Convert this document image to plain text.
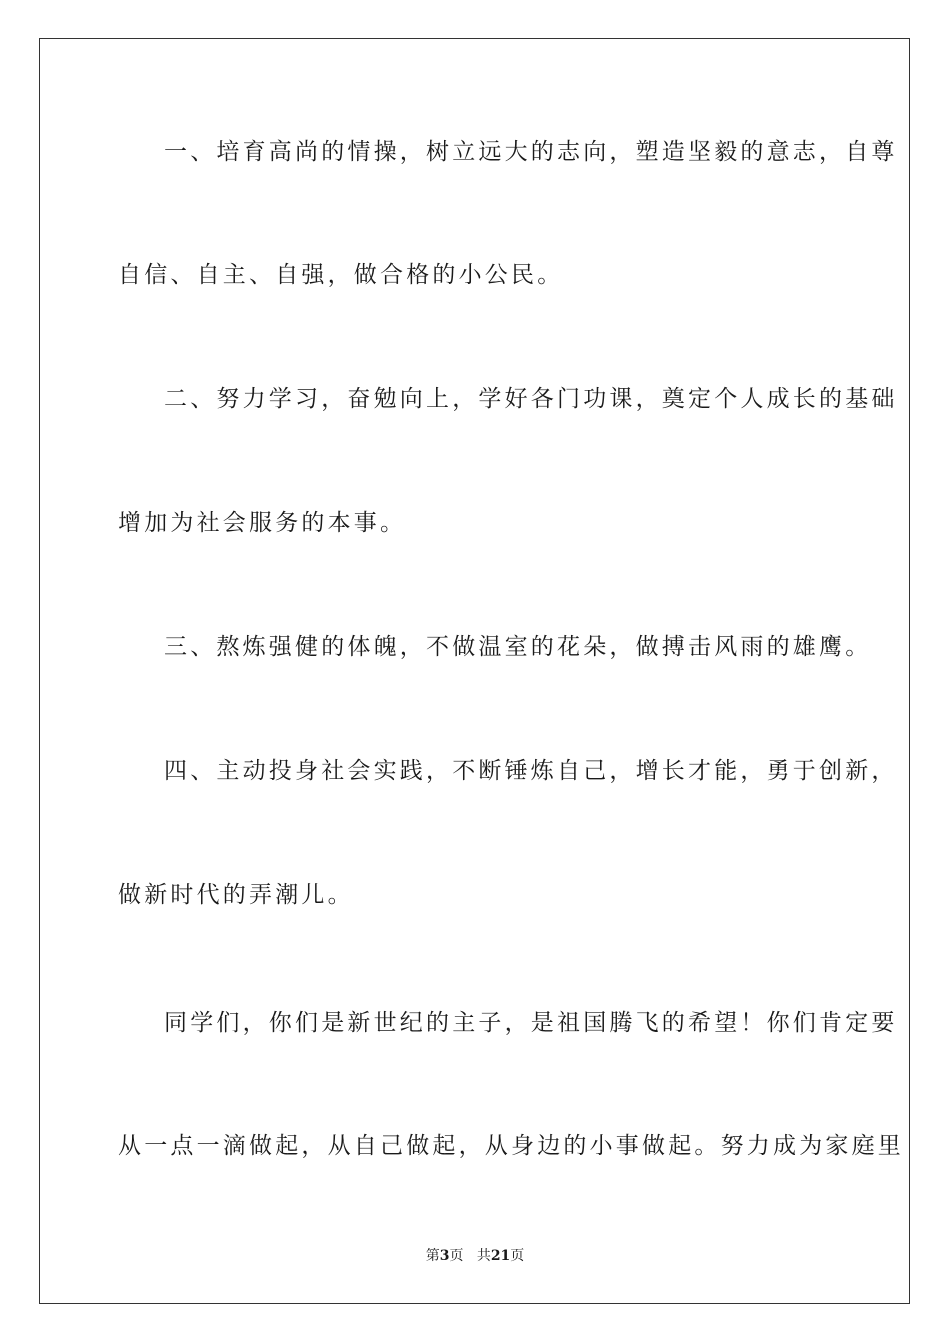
一、培育高尚的情操，树立远大的志向，塑造坚毅的意志，自尊
自信、自主、自强，做合格的小公民。
二、努力学习，奋勉向上，学好各门功课，奠定个人成长的基础
增加为社会服务的本事。
三、熬炼强健的体魄，不做温室的花朵，做搏击风雨的雄鹰。
四、主动投身社会实践，不断锤炼自己，增长才能，勇于创新，
做新时代的弄潮儿。
同学们，你们是新世纪的主子，是祖国腾飞的希望！你们肯定要
从一点一滴做起，从自己做起，从身边的小事做起。努力成为家庭里
第3页 共21页
